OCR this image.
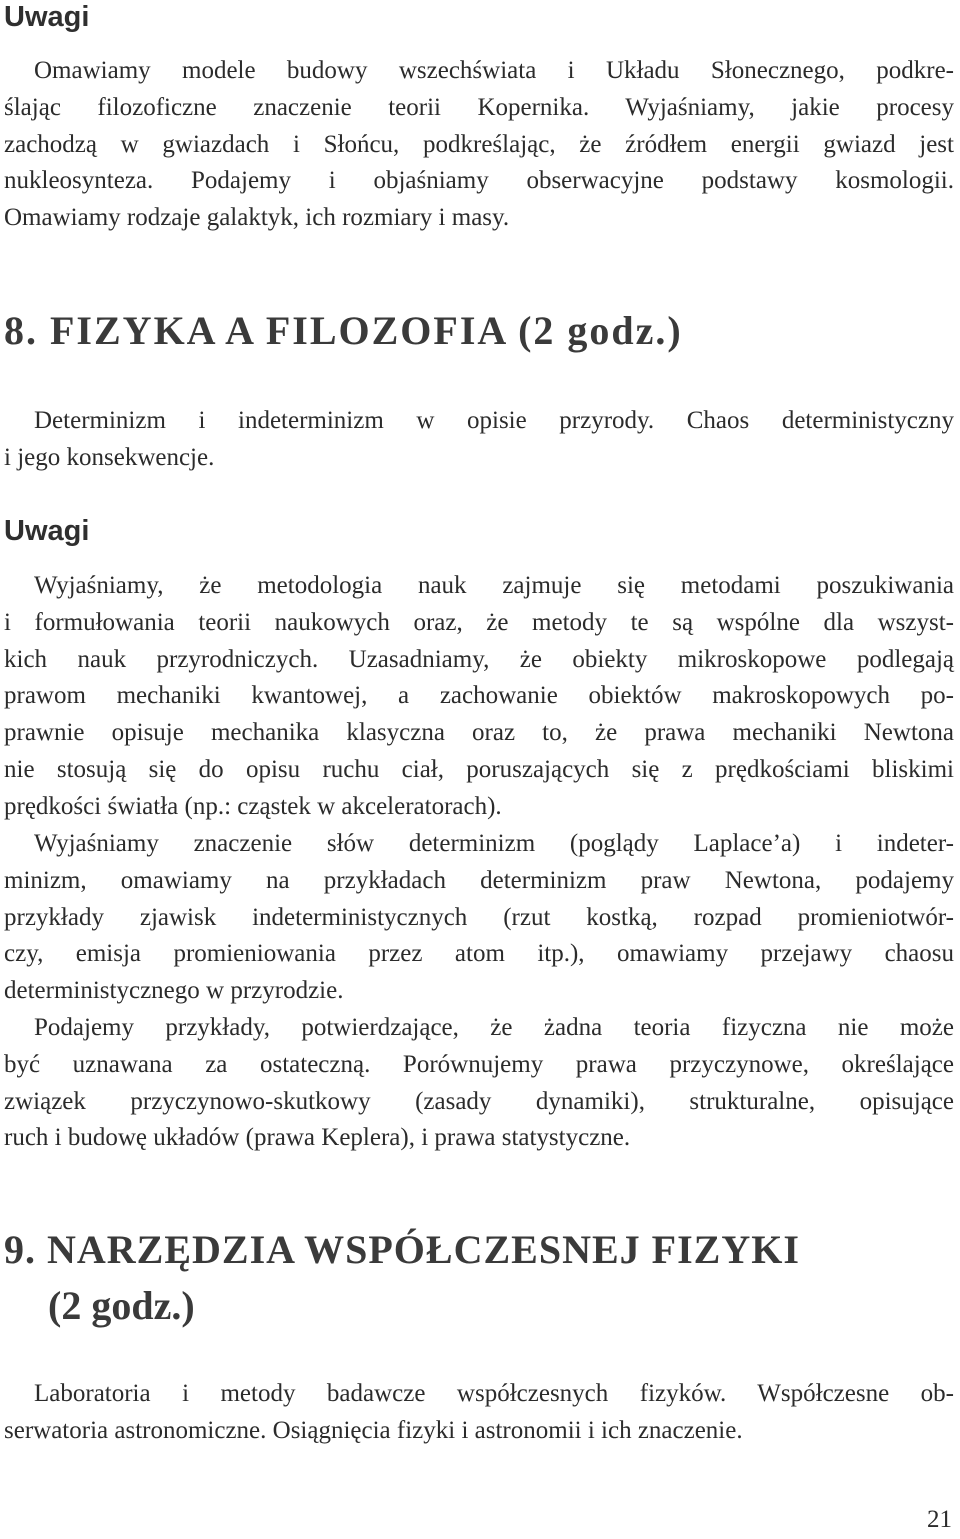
Uwagi
Omawiamy modele budowy wszechświata i Układu Słonecznego, podkre-
ślając filozoficzne znaczenie teorii Kopernika. Wyjaśniamy, jakie procesy
zachodzą w gwiazdach i Słońcu, podkreślając, że źródłem energii gwiazd jest
nukleosynteza. Podajemy i objaśniamy obserwacyjne podstawy kosmologii.
Omawiamy rodzaje galaktyk, ich rozmiary i masy.
8. FIZYKA A FILOZOFIA (2 godz.)
Determinizm i indeterminizm w opisie przyrody. Chaos deterministyczny
i jego konsekwencje.
Uwagi
Wyjaśniamy, że metodologia nauk zajmuje się metodami poszukiwania
i formułowania teorii naukowych oraz, że metody te są wspólne dla wszyst-
kich nauk przyrodniczych. Uzasadniamy, że obiekty mikroskopowe podlegają
prawom mechaniki kwantowej, a zachowanie obiektów makroskopowych po-
prawnie opisuje mechanika klasyczna oraz to, że prawa mechaniki Newtona
nie stosują się do opisu ruchu ciał, poruszających się z prędkościami bliskimi
prędkości światła (np.: cząstek w akceleratorach).
Wyjaśniamy znaczenie słów determinizm (poglądy Laplace’a) i indeter-
minizm, omawiamy na przykładach determinizm praw Newtona, podajemy
przykłady zjawisk indeterministycznych (rzut kostką, rozpad promieniotwór-
czy, emisja promieniowania przez atom itp.), omawiamy przejawy chaosu
deterministycznego w przyrodzie.
Podajemy przykłady, potwierdzające, że żadna teoria fizyczna nie może
być uznawana za ostateczną. Porównujemy prawa przyczynowe, określające
związek przyczynowo-skutkowy (zasady dynamiki), strukturalne, opisujące
ruch i budowę układów (prawa Keplera), i prawa statystyczne.
9. NARZĘDZIA WSPÓŁCZESNEJ FIZYKI
(2 godz.)
Laboratoria i metody badawcze współczesnych fizyków. Współczesne ob-
serwatoria astronomiczne. Osiągnięcia fizyki i astronomii i ich znaczenie.
21
